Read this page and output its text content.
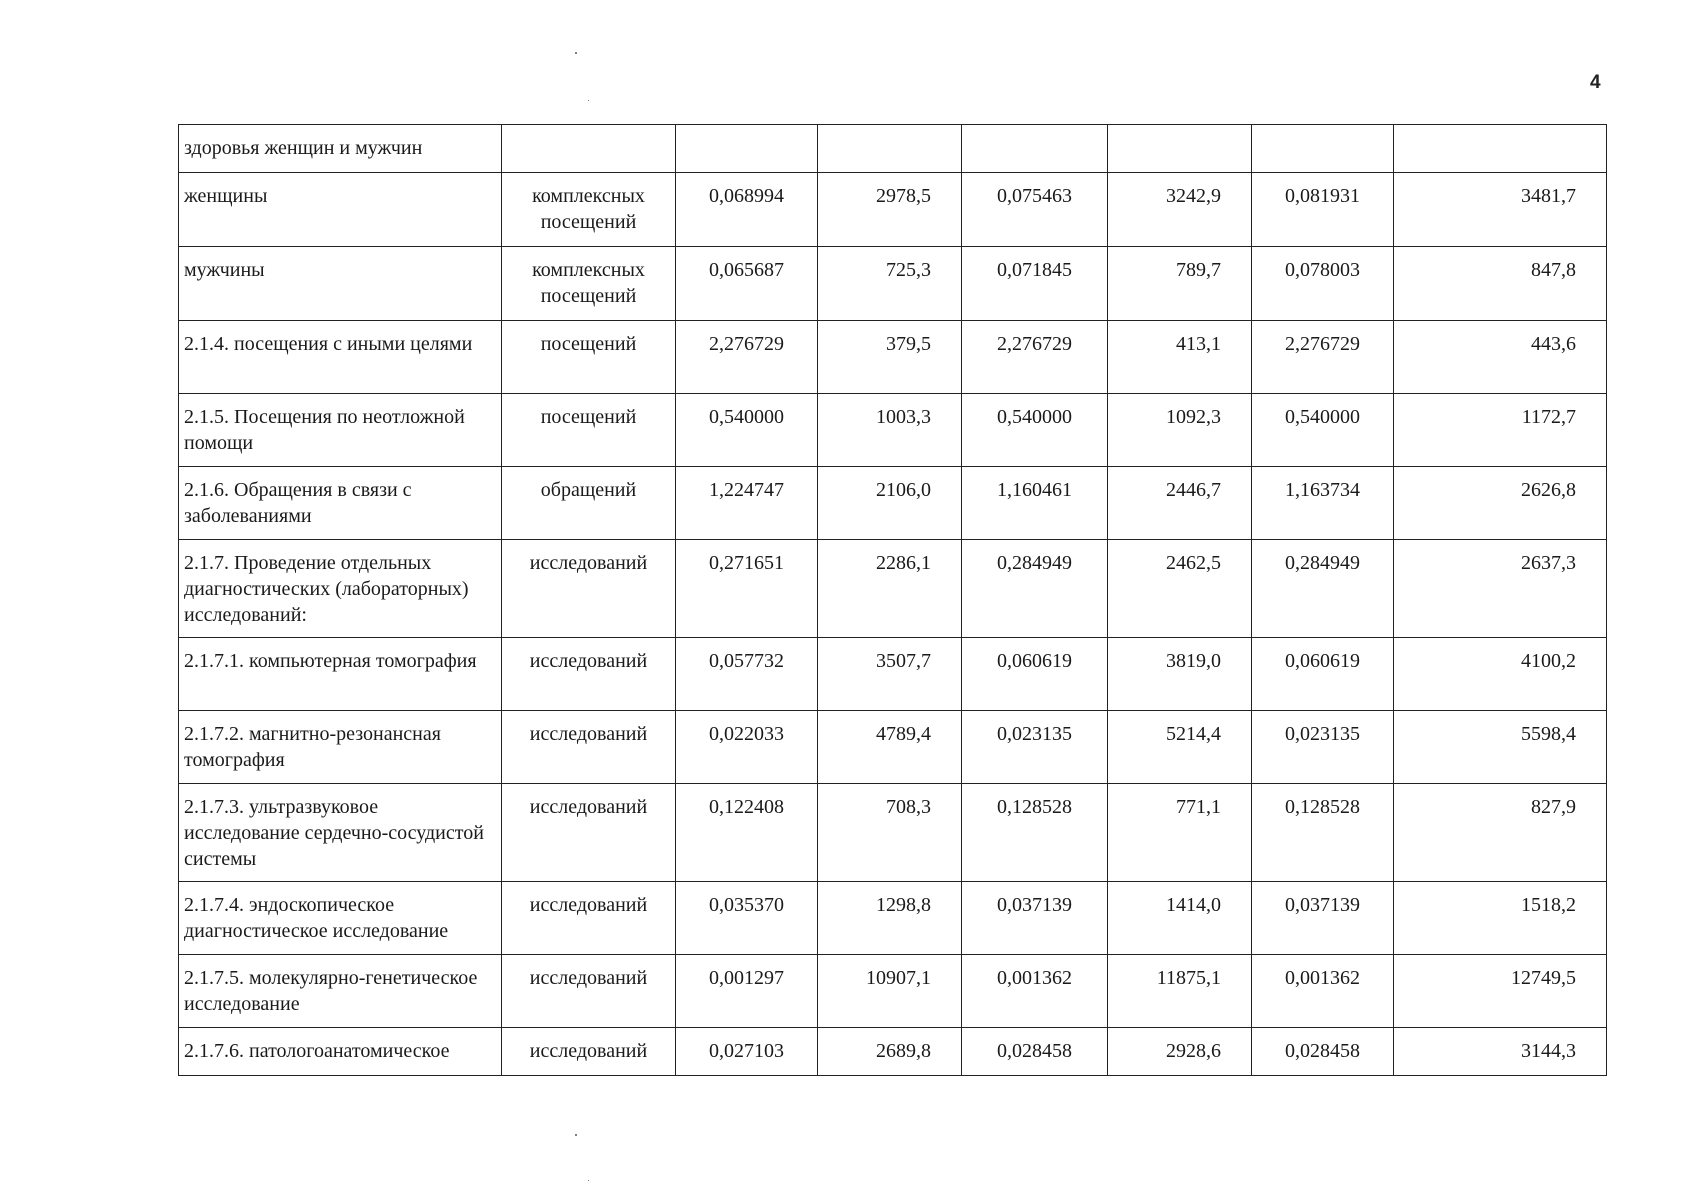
4
здоровья женщин и мужчин							
женщины	комплексных посещений	0,068994	2978,5	0,075463	3242,9	0,081931	3481,7
мужчины	комплексных посещений	0,065687	725,3	0,071845	789,7	0,078003	847,8
2.1.4. посещения с иными целями	посещений	2,276729	379,5	2,276729	413,1	2,276729	443,6
2.1.5. Посещения по неотложной помощи	посещений	0,540000	1003,3	0,540000	1092,3	0,540000	1172,7
2.1.6. Обращения в связи с заболеваниями	обращений	1,224747	2106,0	1,160461	2446,7	1,163734	2626,8
2.1.7. Проведение отдельных диагностических (лабораторных) исследований:	исследований	0,271651	2286,1	0,284949	2462,5	0,284949	2637,3
2.1.7.1. компьютерная томография	исследований	0,057732	3507,7	0,060619	3819,0	0,060619	4100,2
2.1.7.2. магнитно-резонансная томография	исследований	0,022033	4789,4	0,023135	5214,4	0,023135	5598,4
2.1.7.3. ультразвуковое исследование сердечно-сосудистой системы	исследований	0,122408	708,3	0,128528	771,1	0,128528	827,9
2.1.7.4. эндоскопическое диагностическое исследование	исследований	0,035370	1298,8	0,037139	1414,0	0,037139	1518,2
2.1.7.5. молекулярно-генетическое исследование	исследований	0,001297	10907,1	0,001362	11875,1	0,001362	12749,5
2.1.7.6. патологоанатомическое	исследований	0,027103	2689,8	0,028458	2928,6	0,028458	3144,3
